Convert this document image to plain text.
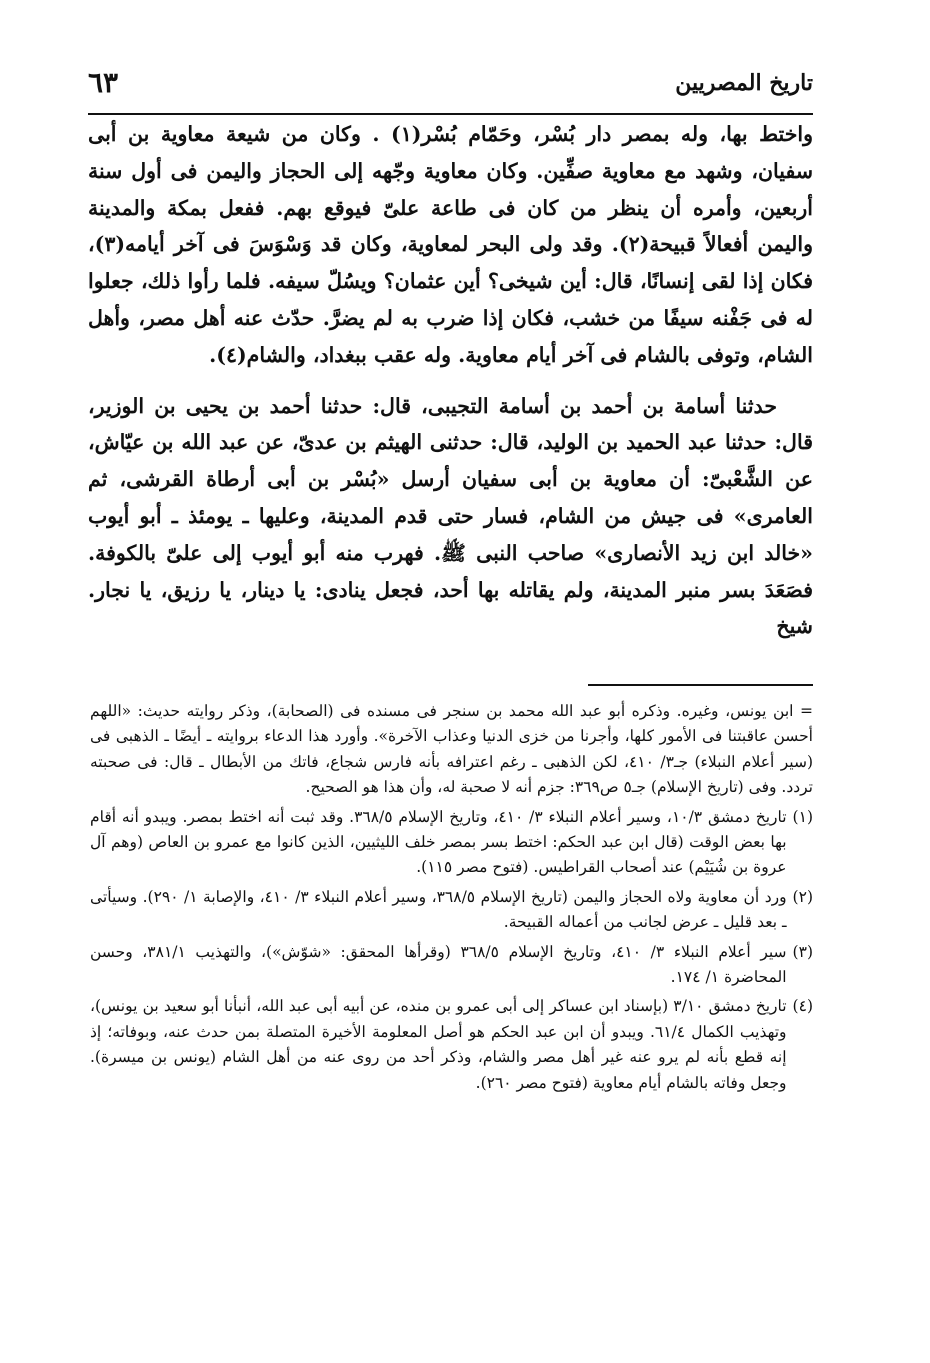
تاريخ المصريين
٦٣

واختط بها، وله بمصر دار بُسْر، وحَمّام بُسْر(١) . وكان من شيعة معاوية بن أبى سفيان، وشهد مع معاوية صفِّين. وكان معاوية وجّهه إلى الحجاز واليمن فى أول سنة أربعين، وأمره أن ينظر من كان فى طاعة علىّ فيوقع بهم. ففعل بمكة والمدينة واليمن أفعالاً قبيحة(٢). وقد ولى البحر لمعاوية، وكان قد وَسْوَسَ فى آخر أيامه(٣)، فكان إذا لقى إنسانًا، قال: أين شيخى؟ أين عثمان؟ ويسُلّ سيفه. فلما رأوا ذلك، جعلوا له فى جَفْنه سيفًا من خشب، فكان إذا ضرب به لم يضرَّ. حدّث عنه أهل مصر، وأهل الشام، وتوفى بالشام فى آخر أيام معاوية. وله عقب ببغداد، والشام(٤).

حدثنا أسامة بن أحمد بن أسامة التجيبى، قال: حدثنا أحمد بن يحيى بن الوزير، قال: حدثنا عبد الحميد بن الوليد، قال: حدثنى الهيثم بن عدىّ، عن عبد الله بن عيّاش، عن الشَّعْبىّ: أن معاوية بن أبى سفيان أرسل «بُسْر بن أبى أرطاة القرشى، ثم العامرى» فى جيش من الشام، فسار حتى قدم المدينة، وعليها ـ يومئذ ـ أبو أيوب «خالد ابن زيد الأنصارى» صاحب النبى ﷺ. فهرب منه أبو أيوب إلى علىّ بالكوفة. فصَعَدَ بسر منبر المدينة، ولم يقاتله بها أحد، فجعل ينادى: يا دينار، يا رزيق، يا نجار. شيخ

= ابن يونس، وغيره. وذكره أبو عبد الله محمد بن سنجر فى مسنده فى (الصحابة)، وذكر روايته حديث: «اللهم أحسن عاقبتنا فى الأمور كلها، وأجرنا من خزى الدنيا وعذاب الآخرة». وأورد هذا الدعاء بروايته ـ أيضًا ـ الذهبى فى (سير أعلام النبلاء) جـ٣/ ٤١٠، لكن الذهبى ـ رغم اعترافه بأنه فارس شجاع، فاتك من الأبطال ـ قال: فى صحبته تردد. وفى (تاريخ الإسلام) جـ٥ ص٣٦٩: جزم أنه لا صحبة له، وأن هذا هو الصحيح.
(١)
تاريخ دمشق ١٠/٣، وسير أعلام النبلاء ٣/ ٤١٠، وتاريخ الإسلام ٣٦٨/٥. وقد ثبت أنه اختط بمصر. ويبدو أنه أقام بها بعض الوقت (قال ابن عبد الحكم: اختط بسر بمصر خلف الليثيين، الذين كانوا مع عمرو بن العاص (وهم آل عروة بن شُيَيْم) عند أصحاب القراطيس. (فتوح مصر ١١٥).
(٢)
ورد أن معاوية ولاه الحجاز واليمن (تاريخ الإسلام ٣٦٨/٥، وسير أعلام النبلاء ٣/ ٤١٠، والإصابة ١/ ٢٩٠). وسيأتى ـ بعد قليل ـ عرض لجانب من أعماله القبيحة.
(٣)
سير أعلام النبلاء ٣/ ٤١٠، وتاريخ الإسلام ٣٦٨/٥ (وقرأها المحقق: «شوّش»)، والتهذيب ٣٨١/١، وحسن المحاضرة ١/ ١٧٤.
(٤)
تاريخ دمشق ٣/١٠ (بإسناد ابن عساكر إلى أبى عمرو بن منده، عن أبيه أبى عبد الله، أنبأنا أبو سعيد بن يونس)، وتهذيب الكمال ٦١/٤. ويبدو أن ابن عبد الحكم هو أصل المعلومة الأخيرة المتصلة بمن حدث عنه، وبوفاته؛ إذ إنه قطع بأنه لم يرو عنه غير أهل مصر والشام، وذكر أحد من روى عنه من أهل الشام (يونس بن ميسرة). وجعل وفاته بالشام أيام معاوية (فتوح مصر ٢٦٠).
